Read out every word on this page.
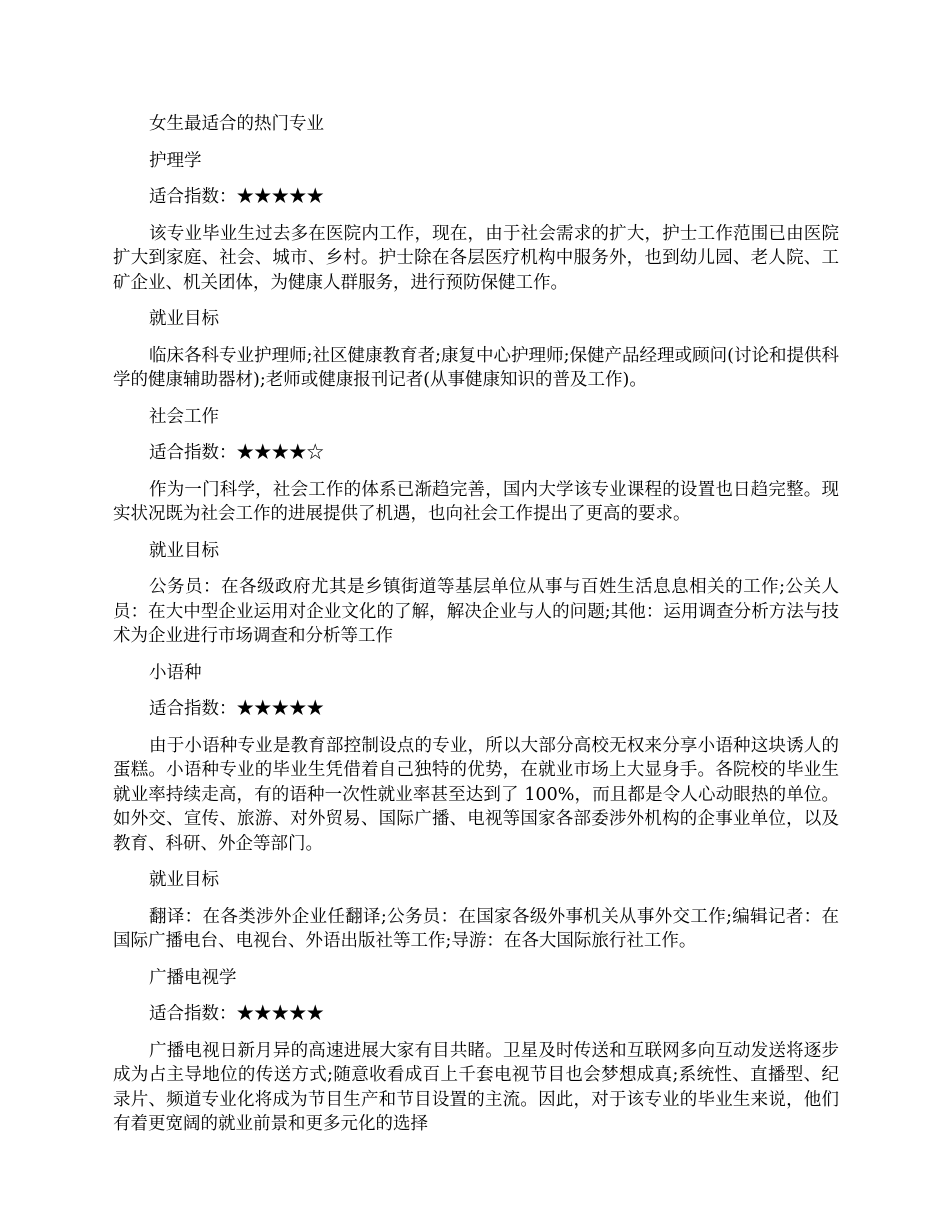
女生最适合的热门专业

护理学

适合指数：★★★★★

该专业毕业生过去多在医院内工作，现在，由于社会需求的扩大，护士工作范围已由医院扩大到家庭、社会、城市、乡村。护士除在各层医疗机构中服务外，也到幼儿园、老人院、工矿企业、机关团体，为健康人群服务，进行预防保健工作。

就业目标

临床各科专业护理师;社区健康教育者;康复中心护理师;保健产品经理或顾问(讨论和提供科学的健康辅助器材);老师或健康报刊记者(从事健康知识的普及工作)。

社会工作

适合指数：★★★★☆

作为一门科学，社会工作的体系已渐趋完善，国内大学该专业课程的设置也日趋完整。现实状况既为社会工作的进展提供了机遇，也向社会工作提出了更高的要求。

就业目标

公务员：在各级政府尤其是乡镇街道等基层单位从事与百姓生活息息相关的工作;公关人员：在大中型企业运用对企业文化的了解，解决企业与人的问题;其他：运用调查分析方法与技术为企业进行市场调查和分析等工作

小语种

适合指数：★★★★★

由于小语种专业是教育部控制设点的专业，所以大部分高校无权来分享小语种这块诱人的蛋糕。小语种专业的毕业生凭借着自己独特的优势，在就业市场上大显身手。各院校的毕业生就业率持续走高，有的语种一次性就业率甚至达到了 100%，而且都是令人心动眼热的单位。如外交、宣传、旅游、对外贸易、国际广播、电视等国家各部委涉外机构的企事业单位，以及教育、科研、外企等部门。

就业目标

翻译：在各类涉外企业任翻译;公务员：在国家各级外事机关从事外交工作;编辑记者：在国际广播电台、电视台、外语出版社等工作;导游：在各大国际旅行社工作。

广播电视学

适合指数：★★★★★

广播电视日新月异的高速进展大家有目共睹。卫星及时传送和互联网多向互动发送将逐步成为占主导地位的传送方式;随意收看成百上千套电视节目也会梦想成真;系统性、直播型、纪录片、频道专业化将成为节目生产和节目设置的主流。因此，对于该专业的毕业生来说，他们有着更宽阔的就业前景和更多元化的选择
